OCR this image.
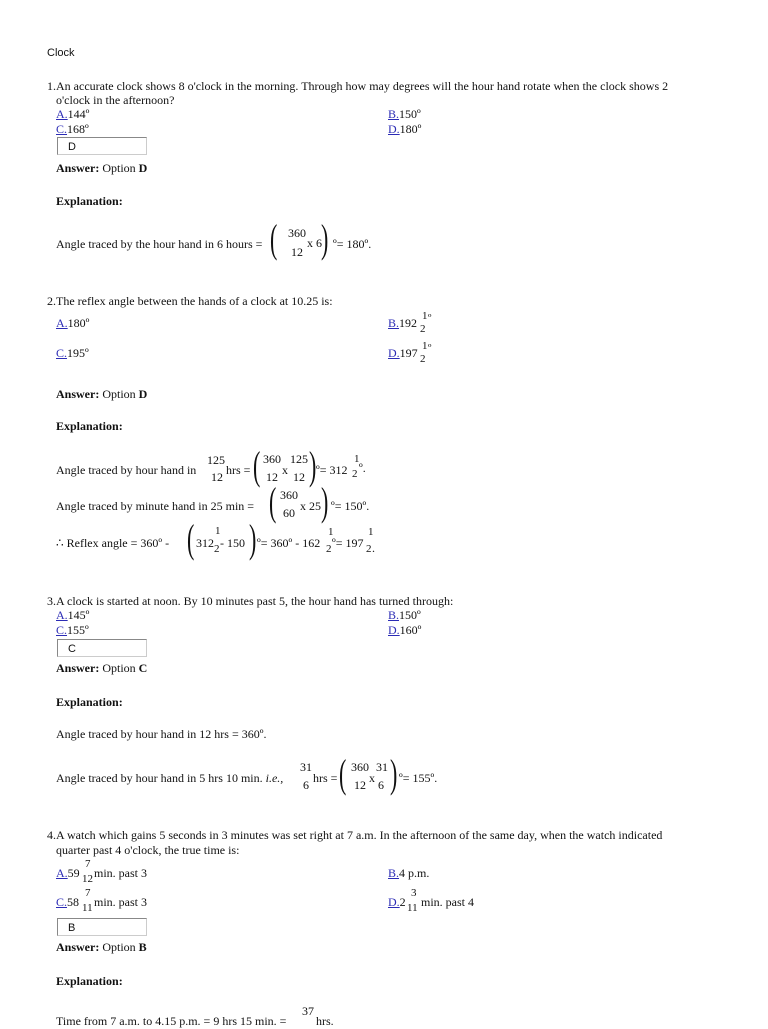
Clock
1.An accurate clock shows 8 o'clock in the morning. Through how may degrees will the hour hand rotate when the clock shows 2
o'clock in the afternoon?
A.144º	B.150º
C.168º	D.180º
D
Answer: Option D
Explanation:
Angle traced by the hour hand in 6 hours = ( 360
12
x 6
) º= 180º.
2.The reflex angle between the hands of a clock at 10.25 is:
A.180º	B.192 1
2
º
C.195º	D.197 1
2
º
Answer: Option D
Explanation:
Angle traced by hour hand in
125
12 hrs = ( 360
12 x
125
12 ) º= 312
1
2 º.
Angle traced by minute hand in 25 min = ( 360
60 x 25 ) º= 150º.
∴ Reflex angle = 360º - ( 312
1
2 - 150 ) º= 360º - 162
1
2 º= 197
1
2 .
3.A clock is started at noon. By 10 minutes past 5, the hour hand has turned through:
A.145º	B.150º
C.155º	D.160º
C
Answer: Option C
Explanation:
Angle traced by hour hand in 12 hrs = 360º.
Angle traced by hour hand in 5 hrs 10 min. i.e.,
31
6 hrs = ( 360
12 x
31
6 ) º= 155º.
4.A watch which gains 5 seconds in 3 minutes was set right at 7 a.m. In the afternoon of the same day, when the watch indicated
quarter past 4 o'clock, the true time is:
A.59
7
12 min. past 3	B.4 p.m.
C.58
7
11 min. past 3	D.2
3
11 min. past 4
B
Answer: Option B
Explanation:
Time from 7 a.m. to 4.15 p.m. = 9 hrs 15 min. =
37
hrs.
